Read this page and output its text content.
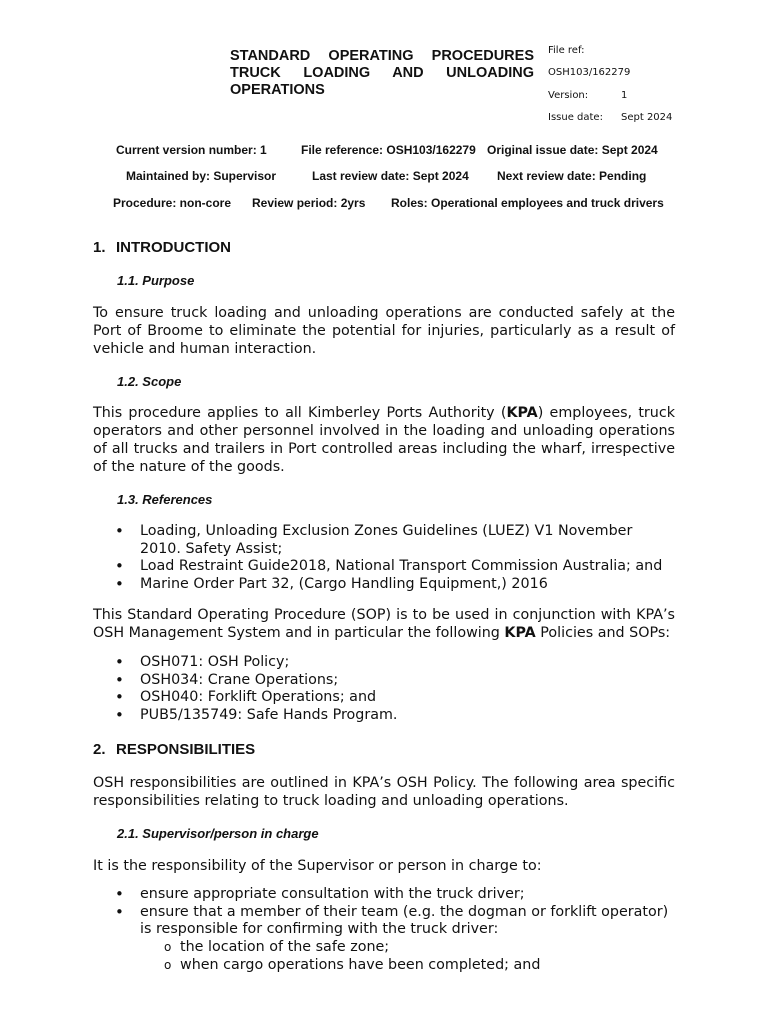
STANDARD OPERATING PROCEDURES TRUCK LOADING AND UNLOADING OPERATIONS
File ref:
OSH103/162279
Version:	1
Issue date: Sept 2024
Current version number: 1	File reference: OSH103/162279 Original issue date: Sept 2024
Maintained by: Supervisor	Last review date: Sept 2024 Next review date: Pending
Procedure: non-core Review period: 2yrs Roles: Operational employees and truck drivers
1. INTRODUCTION
1.1. Purpose
To ensure truck loading and unloading operations are conducted safely at the Port of Broome to eliminate the potential for injuries, particularly as a result of vehicle and human interaction.
1.2. Scope
This procedure applies to all Kimberley Ports Authority (KPA) employees, truck operators and other personnel involved in the loading and unloading operations of all trucks and trailers in Port controlled areas including the wharf, irrespective of the nature of the goods.
1.3. References
• Loading, Unloading Exclusion Zones Guidelines (LUEZ) V1 November 2010. Safety Assist;
• Load Restraint Guide2018, National Transport Commission Australia; and
• Marine Order Part 32, (Cargo Handling Equipment,) 2016
This Standard Operating Procedure (SOP) is to be used in conjunction with KPA’s OSH Management System and in particular the following KPA Policies and SOPs:
• OSH071: OSH Policy;
• OSH034: Crane Operations;
• OSH040: Forklift Operations; and
• PUB5/135749: Safe Hands Program.
2. RESPONSIBILITIES
OSH responsibilities are outlined in KPA’s OSH Policy. The following area specific responsibilities relating to truck loading and unloading operations.
2.1. Supervisor/person in charge
It is the responsibility of the Supervisor or person in charge to:
• ensure appropriate consultation with the truck driver;
• ensure that a member of their team (e.g. the dogman or forklift operator) is responsible for confirming with the truck driver:
o the location of the safe zone;
o when cargo operations have been completed; and
